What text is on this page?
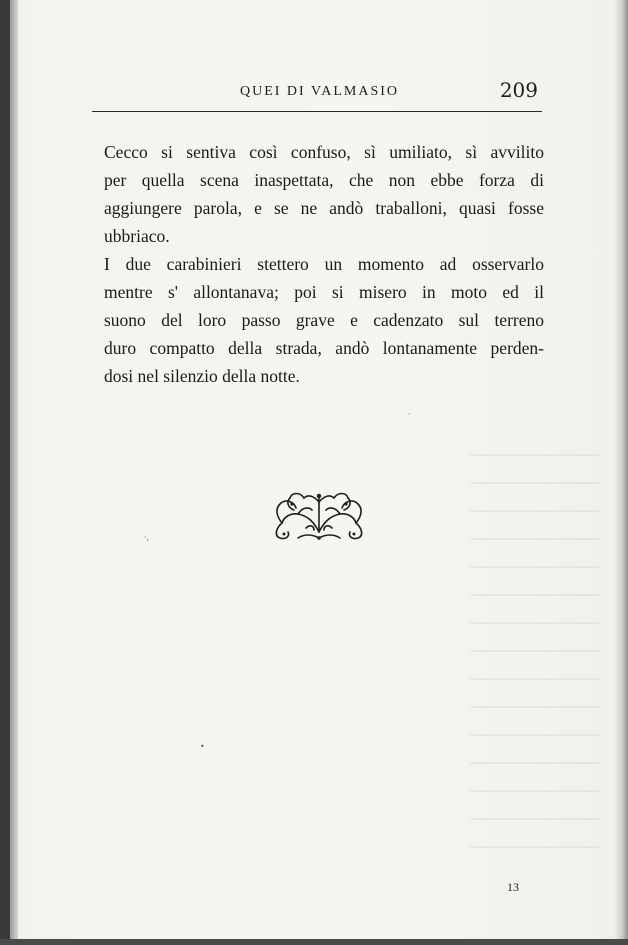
QUEI DI VALMASIO	209

Cecco si sentiva così confuso, sì umiliato, sì avvilito
per quella scena inaspettata, che non ebbe forza di
aggiungere parola, e se ne andò traballoni, quasi fosse
ubbriaco.

I due carabinieri stettero un momento ad osservarlo
mentre s' allontanava; poi si misero in moto ed il
suono del loro passo grave e cadenzato sul terreno
duro compatto della strada, andò lontanamente perden-
dosi nel silenzio della notte.

·,
•
·
13
